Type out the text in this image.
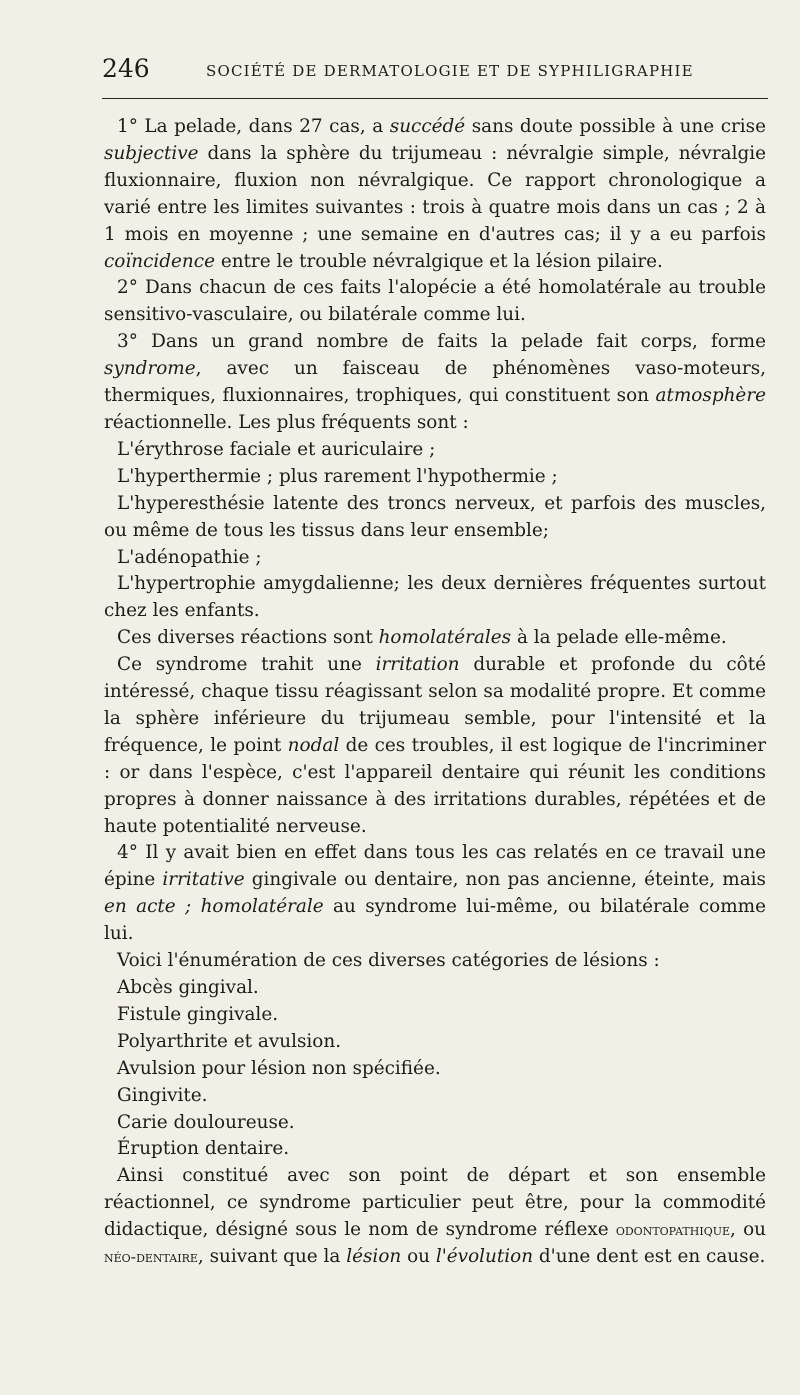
246	SOCIÉTÉ DE DERMATOLOGIE ET DE SYPHILIGRAPHIE

1° La pelade, dans 27 cas, a succédé sans doute possible à une crise subjective dans la sphère du trijumeau : névralgie simple, névralgie fluxionnaire, fluxion non névralgique. Ce rapport chronologique a varié entre les limites suivantes : trois à quatre mois dans un cas ; 2 à 1 mois en moyenne ; une semaine en d'autres cas; il y a eu parfois coïncidence entre le trouble névralgique et la lésion pilaire.

2° Dans chacun de ces faits l'alopécie a été homolatérale au trouble sensitivo-vasculaire, ou bilatérale comme lui.

3° Dans un grand nombre de faits la pelade fait corps, forme syndrome, avec un faisceau de phénomènes vaso-moteurs, thermiques, fluxionnaires, trophiques, qui constituent son atmosphère réactionnelle. Les plus fréquents sont :

L'érythrose faciale et auriculaire ;

L'hyperthermie ; plus rarement l'hypothermie ;

L'hyperesthésie latente des troncs nerveux, et parfois des muscles, ou même de tous les tissus dans leur ensemble;

L'adénopathie ;

L'hypertrophie amygdalienne; les deux dernières fréquentes surtout chez les enfants.

Ces diverses réactions sont homolatérales à la pelade elle-même.

Ce syndrome trahit une irritation durable et profonde du côté intéressé, chaque tissu réagissant selon sa modalité propre. Et comme la sphère inférieure du trijumeau semble, pour l'intensité et la fréquence, le point nodal de ces troubles, il est logique de l'incriminer : or dans l'espèce, c'est l'appareil dentaire qui réunit les conditions propres à donner naissance à des irritations durables, répétées et de haute potentialité nerveuse.

4° Il y avait bien en effet dans tous les cas relatés en ce travail une épine irritative gingivale ou dentaire, non pas ancienne, éteinte, mais en acte ; homolatérale au syndrome lui-même, ou bilatérale comme lui.

Voici l'énumération de ces diverses catégories de lésions :

Abcès gingival.

Fistule gingivale.

Polyarthrite et avulsion.

Avulsion pour lésion non spécifiée.

Gingivite.

Carie douloureuse.

Éruption dentaire.

Ainsi constitué avec son point de départ et son ensemble réactionnel, ce syndrome particulier peut être, pour la commodité didactique, désigné sous le nom de syndrome réflexe odontopathique, ou néo-dentaire, suivant que la lésion ou l'évolution d'une dent est en cause.
